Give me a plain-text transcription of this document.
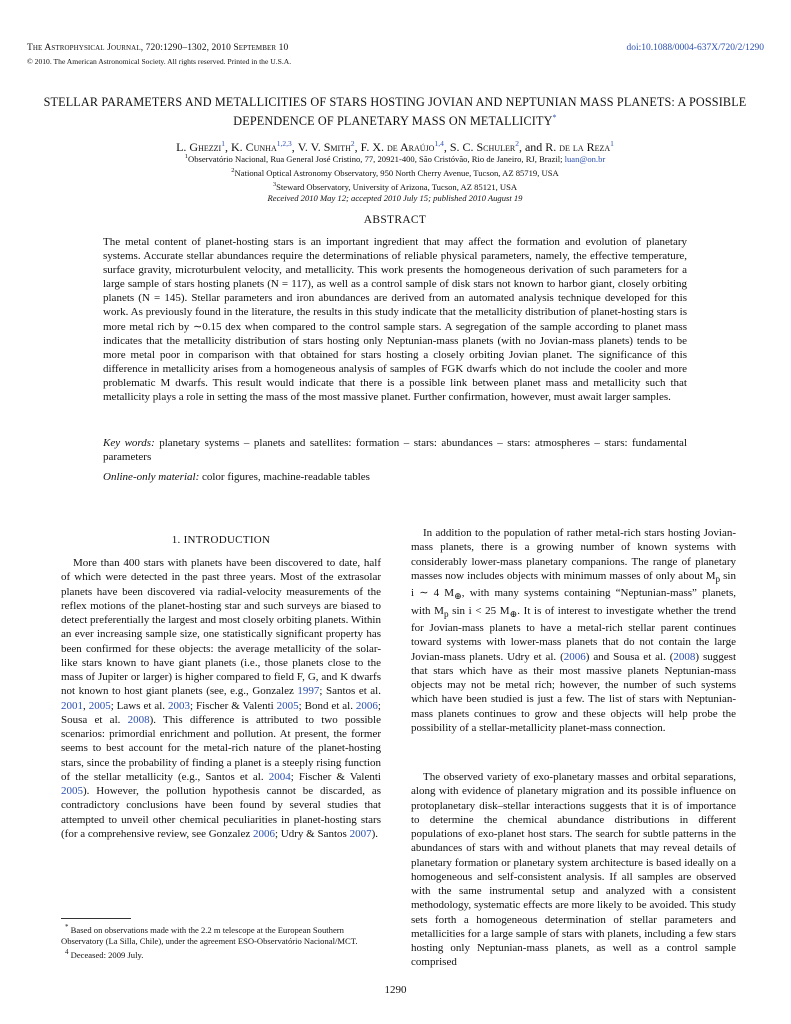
The Astrophysical Journal, 720:1290–1302, 2010 September 10	doi:10.1088/0004-637X/720/2/1290
© 2010. The American Astronomical Society. All rights reserved. Printed in the U.S.A.
STELLAR PARAMETERS AND METALLICITIES OF STARS HOSTING JOVIAN AND NEPTUNIAN MASS PLANETS: A POSSIBLE DEPENDENCE OF PLANETARY MASS ON METALLICITY*
L. Ghezzi$^1$, K. Cunha$^{1,2,3}$, V. V. Smith$^2$, F. X. de Araújo$^{1,4}$, S. C. Schuler$^2$, and R. de la Reza$^1$
$^1$Observatório Nacional, Rua General José Cristino, 77, 20921-400, São Cristóvão, Rio de Janeiro, RJ, Brazil; luan@on.br
$^2$National Optical Astronomy Observatory, 950 North Cherry Avenue, Tucson, AZ 85719, USA
$^3$Steward Observatory, University of Arizona, Tucson, AZ 85121, USA
Received 2010 May 12; accepted 2010 July 15; published 2010 August 19
ABSTRACT
The metal content of planet-hosting stars is an important ingredient that may affect the formation and evolution of planetary systems. Accurate stellar abundances require the determinations of reliable physical parameters, namely, the effective temperature, surface gravity, microturbulent velocity, and metallicity. This work presents the homogeneous derivation of such parameters for a large sample of stars hosting planets (N = 117), as well as a control sample of disk stars not known to harbor giant, closely orbiting planets (N = 145). Stellar parameters and iron abundances are derived from an automated analysis technique developed for this work. As previously found in the literature, the results in this study indicate that the metallicity distribution of planet-hosting stars is more metal rich by ∼0.15 dex when compared to the control sample stars. A segregation of the sample according to planet mass indicates that the metallicity distribution of stars hosting only Neptunian-mass planets (with no Jovian-mass planets) tends to be more metal poor in comparison with that obtained for stars hosting a closely orbiting Jovian planet. The significance of this difference in metallicity arises from a homogeneous analysis of samples of FGK dwarfs which do not include the cooler and more problematic M dwarfs. This result would indicate that there is a possible link between planet mass and metallicity such that metallicity plays a role in setting the mass of the most massive planet. Further confirmation, however, must await larger samples.
Key words: planetary systems – planets and satellites: formation – stars: abundances – stars: atmospheres – stars: fundamental parameters
Online-only material: color figures, machine-readable tables
1. INTRODUCTION
More than 400 stars with planets have been discovered to date, half of which were detected in the past three years. Most of the extrasolar planets have been discovered via radial-velocity measurements of the reflex motions of the planet-hosting star and such surveys are biased to detect preferentially the largest and most closely orbiting planets. Within an ever increasing sample size, one statistically significant property has been confirmed for these objects: the average metallicity of the solar-like stars known to have giant planets (i.e., those planets close to the mass of Jupiter or larger) is higher compared to field F, G, and K dwarfs not known to host giant planets (see, e.g., Gonzalez 1997; Santos et al. 2001, 2005; Laws et al. 2003; Fischer & Valenti 2005; Bond et al. 2006; Sousa et al. 2008). This difference is attributed to two possible scenarios: primordial enrichment and pollution. At present, the former seems to best account for the metal-rich nature of the planet-hosting stars, since the probability of finding a planet is a steeply rising function of the stellar metallicity (e.g., Santos et al. 2004; Fischer & Valenti 2005). However, the pollution hypothesis cannot be discarded, as contradictory conclusions have been found by several studies that attempted to unveil other chemical peculiarities in planet-hosting stars (for a comprehensive review, see Gonzalez 2006; Udry & Santos 2007).
In addition to the population of rather metal-rich stars hosting Jovian-mass planets, there is a growing number of known systems with considerably lower-mass planetary companions. The range of planetary masses now includes objects with minimum masses of only about $M_p$ sin i ∼ 4 $M_\oplus$, with many systems containing “Neptunian-mass” planets, with $M_p$ sin i < 25 $M_\oplus$. It is of interest to investigate whether the trend for Jovian-mass planets to have a metal-rich stellar parent continues toward systems with lower-mass planets that do not contain the large Jovian-mass planets. Udry et al. (2006) and Sousa et al. (2008) suggest that stars which have as their most massive planets Neptunian-mass objects may not be metal rich; however, the number of such systems which have been studied is just a few. The list of stars with Neptunian-mass planets continues to grow and these objects will help probe the possibility of a stellar-metallicity planet-mass connection.
The observed variety of exo-planetary masses and orbital separations, along with evidence of planetary migration and its possible influence on protoplanetary disk–stellar interactions suggests that it is of importance to determine the chemical abundance distributions in different populations of exo-planet host stars. The search for subtle patterns in the abundances of stars with and without planets that may reveal details of planetary formation or planetary system architecture is based ideally on a homogeneous and self-consistent analysis. If all samples are observed with the same instrumental setup and analyzed with a consistent methodology, systematic effects are more likely to be avoided. This study sets forth a homogeneous determination of stellar parameters and metallicities for a large sample of stars with planets, including a few stars hosting only Neptunian-mass planets, as well as a control sample comprised
* Based on observations made with the 2.2 m telescope at the European Southern Observatory (La Silla, Chile), under the agreement ESO-Observatório Nacional/MCT.
$^4$ Deceased: 2009 July.
1290
